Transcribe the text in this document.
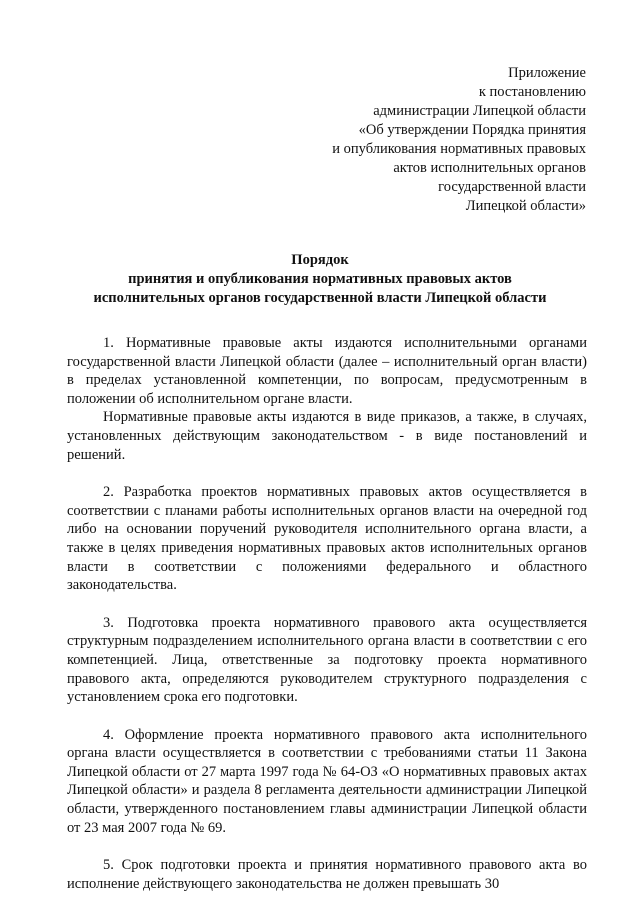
Приложение
к постановлению
администрации Липецкой области
«Об утверждении Порядка принятия
и опубликования нормативных правовых
актов исполнительных органов
государственной власти
Липецкой области»
Порядок
принятия и опубликования нормативных правовых актов
исполнительных органов государственной власти Липецкой области

1. Нормативные правовые акты издаются исполнительными органами государственной власти Липецкой области (далее – исполнительный орган власти) в пределах установленной компетенции, по вопросам, предусмотренным в положении об исполнительном органе власти.

Нормативные правовые акты издаются в виде приказов, а также, в случаях, установленных действующим законодательством - в виде постановлений и решений.

2. Разработка проектов нормативных правовых актов осуществляется в соответствии с планами работы исполнительных органов власти на очередной год либо на основании поручений руководителя исполнительного органа власти, а также в целях приведения нормативных правовых актов исполнительных органов власти в соответствии с положениями федерального и областного законодательства.

3. Подготовка проекта нормативного правового акта осуществляется структурным подразделением исполнительного органа власти в соответствии с его компетенцией. Лица, ответственные за подготовку проекта нормативного правового акта, определяются руководителем структурного подразделения с установлением срока его подготовки.

4. Оформление проекта нормативного правового акта исполнительного органа власти осуществляется в соответствии с требованиями статьи 11 Закона Липецкой области от 27 марта 1997 года № 64-ОЗ «О нормативных правовых актах Липецкой области» и раздела 8 регламента деятельности администрации Липецкой области, утвержденного постановлением главы администрации Липецкой области от 23 мая 2007 года № 69.

5. Срок подготовки проекта и принятия нормативного правового акта во исполнение действующего законодательства не должен превышать 30
